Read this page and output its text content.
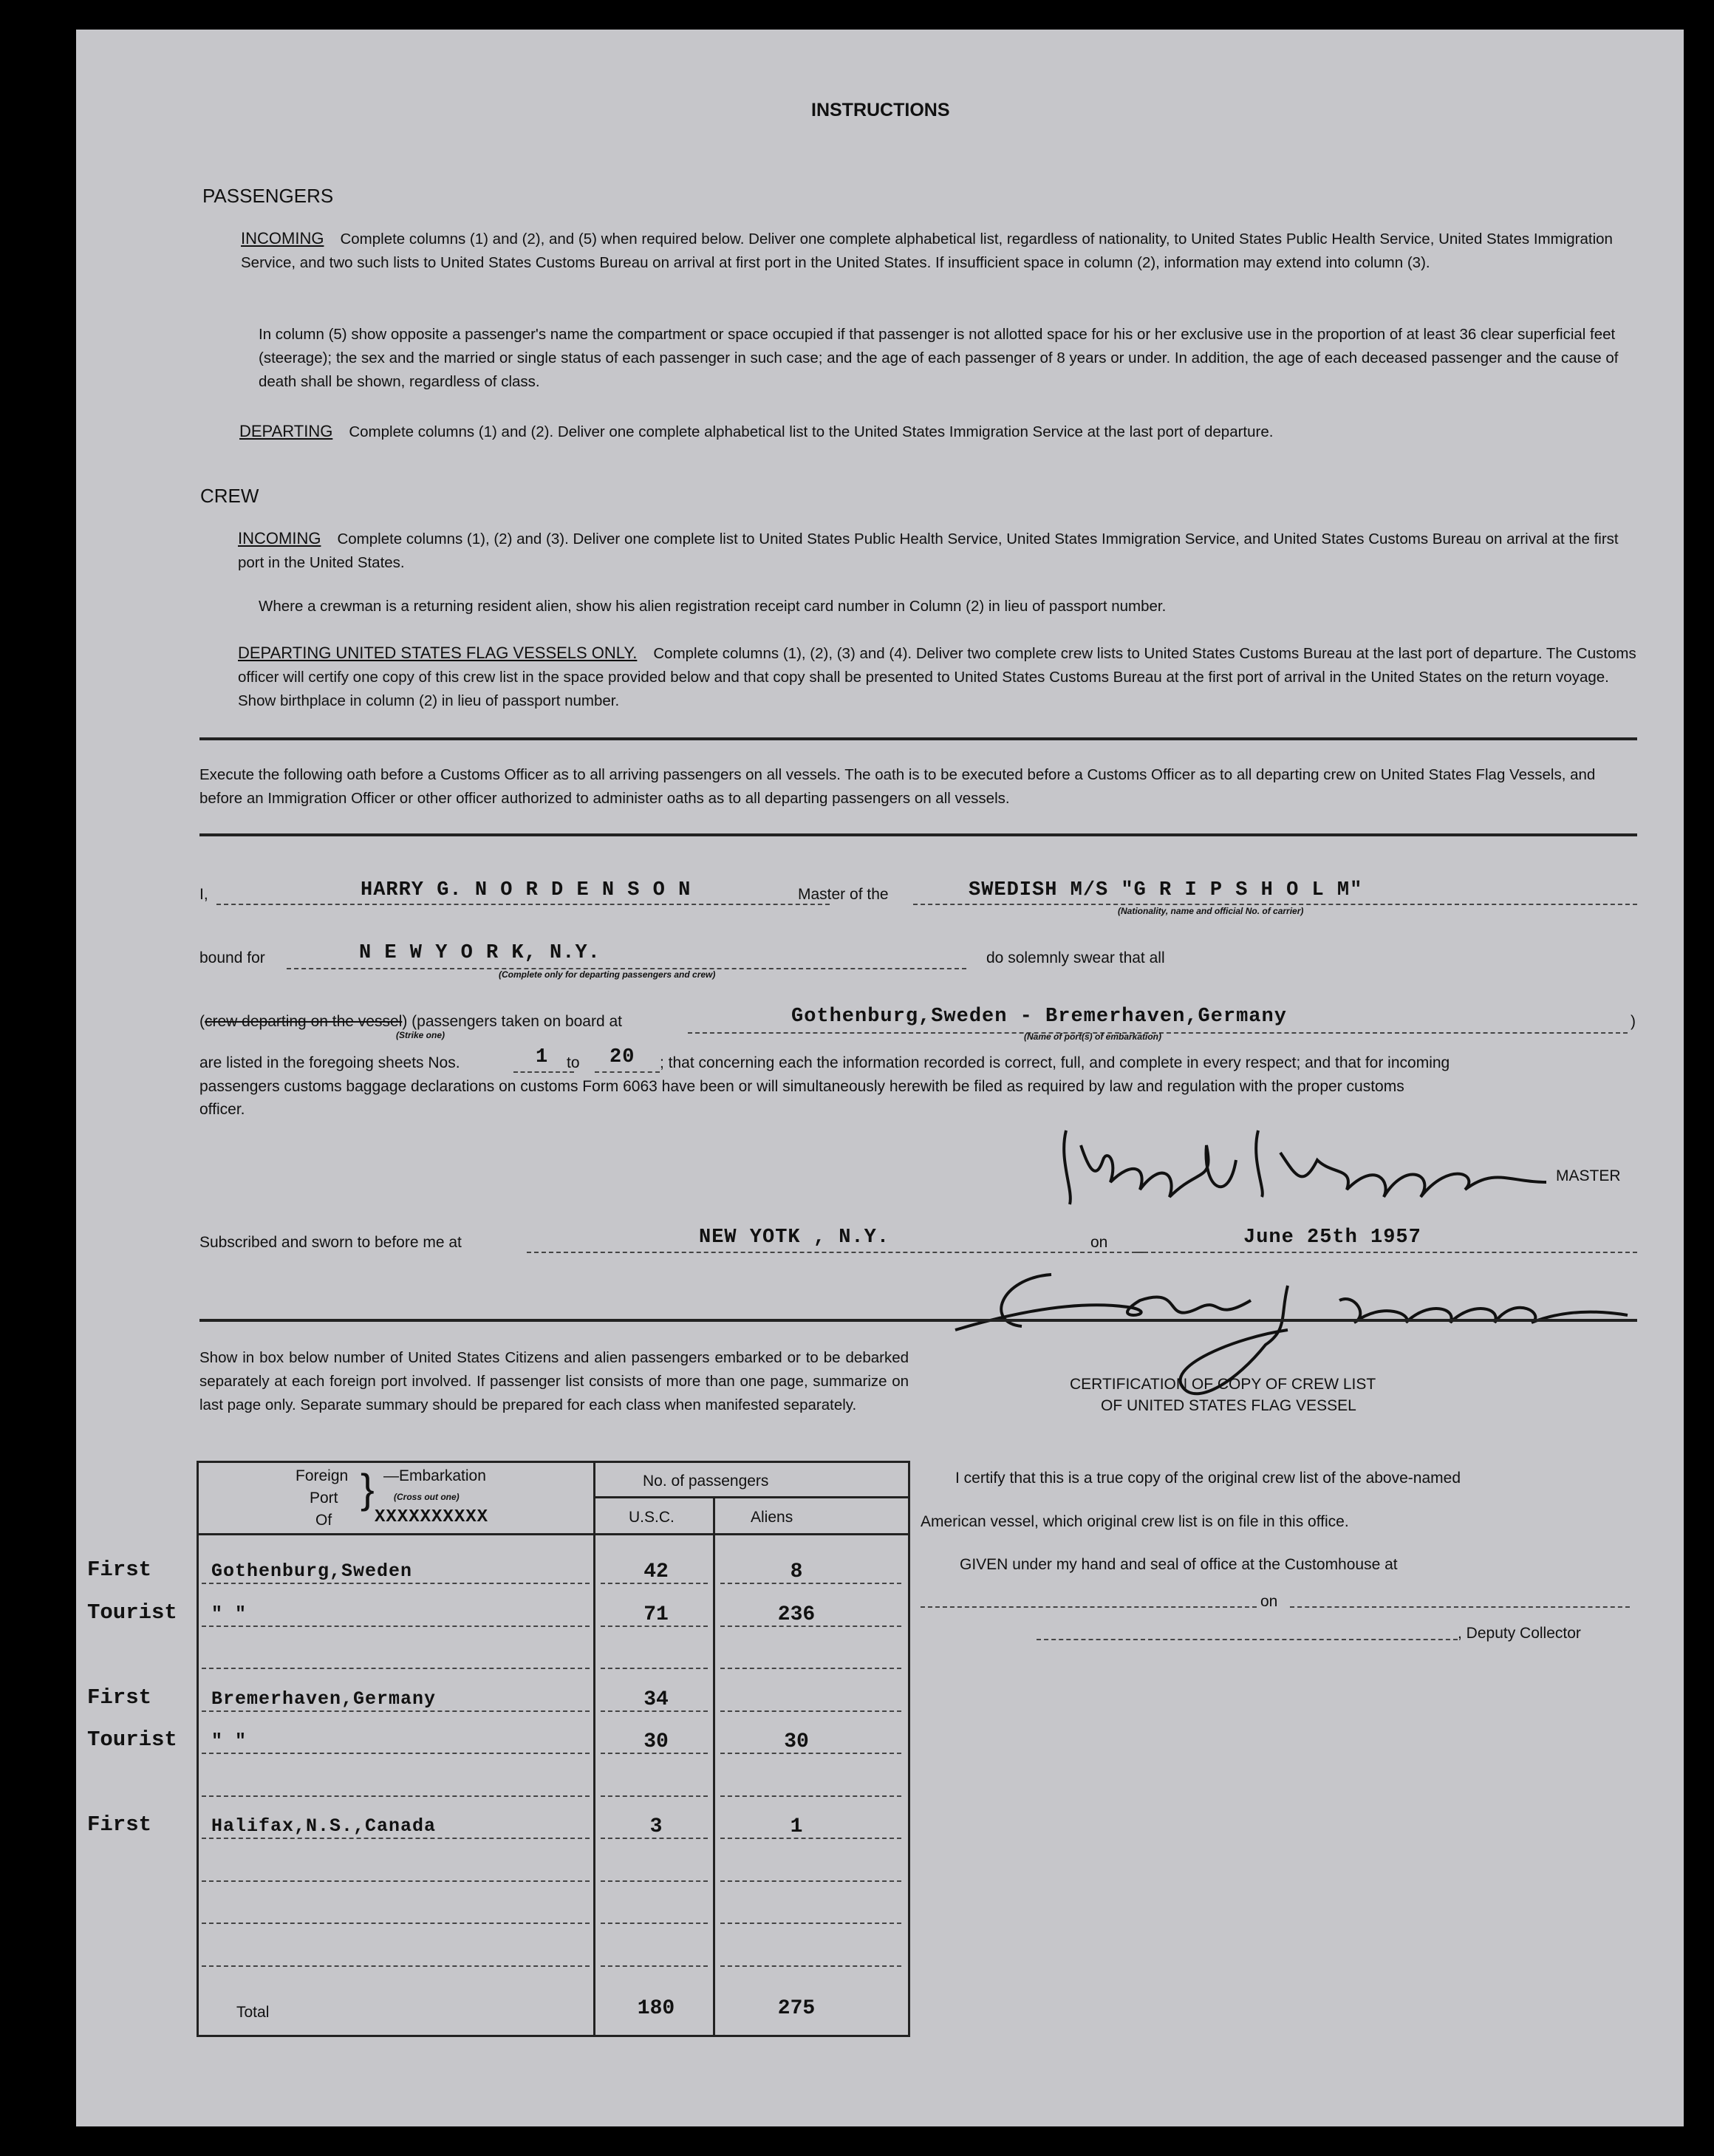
INSTRUCTIONS
PASSENGERS
INCOMING Complete columns (1) and (2), and (5) when required below. Deliver one complete alphabetical list, regardless of nationality, to United States Public Health Service, United States Immigration Service, and two such lists to United States Customs Bureau on arrival at first port in the United States. If insufficient space in column (2), information may extend into column (3).
In column (5) show opposite a passenger's name the compartment or space occupied if that passenger is not allotted space for his or her exclusive use in the proportion of at least 36 clear superficial feet (steerage); the sex and the married or single status of each passenger in such case; and the age of each passenger of 8 years or under. In addition, the age of each deceased passenger and the cause of death shall be shown, regardless of class.
DEPARTING Complete columns (1) and (2). Deliver one complete alphabetical list to the United States Immigration Service at the last port of departure.
CREW
INCOMING Complete columns (1), (2) and (3). Deliver one complete list to United States Public Health Service, United States Immigration Service, and United States Customs Bureau on arrival at the first port in the United States.
Where a crewman is a returning resident alien, show his alien registration receipt card number in Column (2) in lieu of passport number.
DEPARTING UNITED STATES FLAG VESSELS ONLY. Complete columns (1), (2), (3) and (4). Deliver two complete crew lists to United States Customs Bureau at the last port of departure. The Customs officer will certify one copy of this crew list in the space provided below and that copy shall be presented to United States Customs Bureau at the first port of arrival in the United States on the return voyage. Show birthplace in column (2) in lieu of passport number.
Execute the following oath before a Customs Officer as to all arriving passengers on all vessels. The oath is to be executed before a Customs Officer as to all departing crew on United States Flag Vessels, and before an Immigration Officer or other officer authorized to administer oaths as to all departing passengers on all vessels.
I,	HARRY G. N O R D E N S O N	Master of the	SWEDISH M/S "G R I P S H O L M"
(Nationality, name and official No. of carrier)
bound for	N E W Y O R K, N.Y.
(Complete only for departing passengers and crew)
do solemnly swear that all
(crew departing on the vessel) (passengers taken on board at
(Strike one)
Gothenburg,Sweden - Bremerhaven,Germany
(Name of port(s) of embarkation)
)
are listed in the foregoing sheets Nos.	1 to 20 ; that concerning each the information recorded is correct, full, and complete in every respect; and that for incoming
passengers customs baggage declarations on customs Form 6063 have been or will simultaneously herewith be filed as required by law and regulation with the proper customs
officer.
MASTER
Subscribed and sworn to before me at	NEW YOTK , N.Y.	on	June 25th 1957
Show in box below number of United States Citizens and alien passengers embarked or to be debarked separately at each foreign port involved. If passenger list consists of more than one page, summarize on last page only. Separate summary should be prepared for each class when manifested separately.
Foreign
Port
Of
} —Embarkation
(Cross out one)
XXXXXXXXXX
No. of passengers
U.S.C.	Aliens
First	Gothenburg,Sweden	42	8
Tourist " "	71	236
First	Bremerhaven,Germany	34
Tourist " "	30	30
First	Halifax,N.S.,Canada	3	1
Total	180	275
CERTIFICATION OF COPY OF CREW LIST
OF UNITED STATES FLAG VESSEL
I certify that this is a true copy of the original crew list of the above-named
American vessel, which original crew list is on file in this office.
GIVEN under my hand and seal of office at the Customhouse at
on
, Deputy Collector
